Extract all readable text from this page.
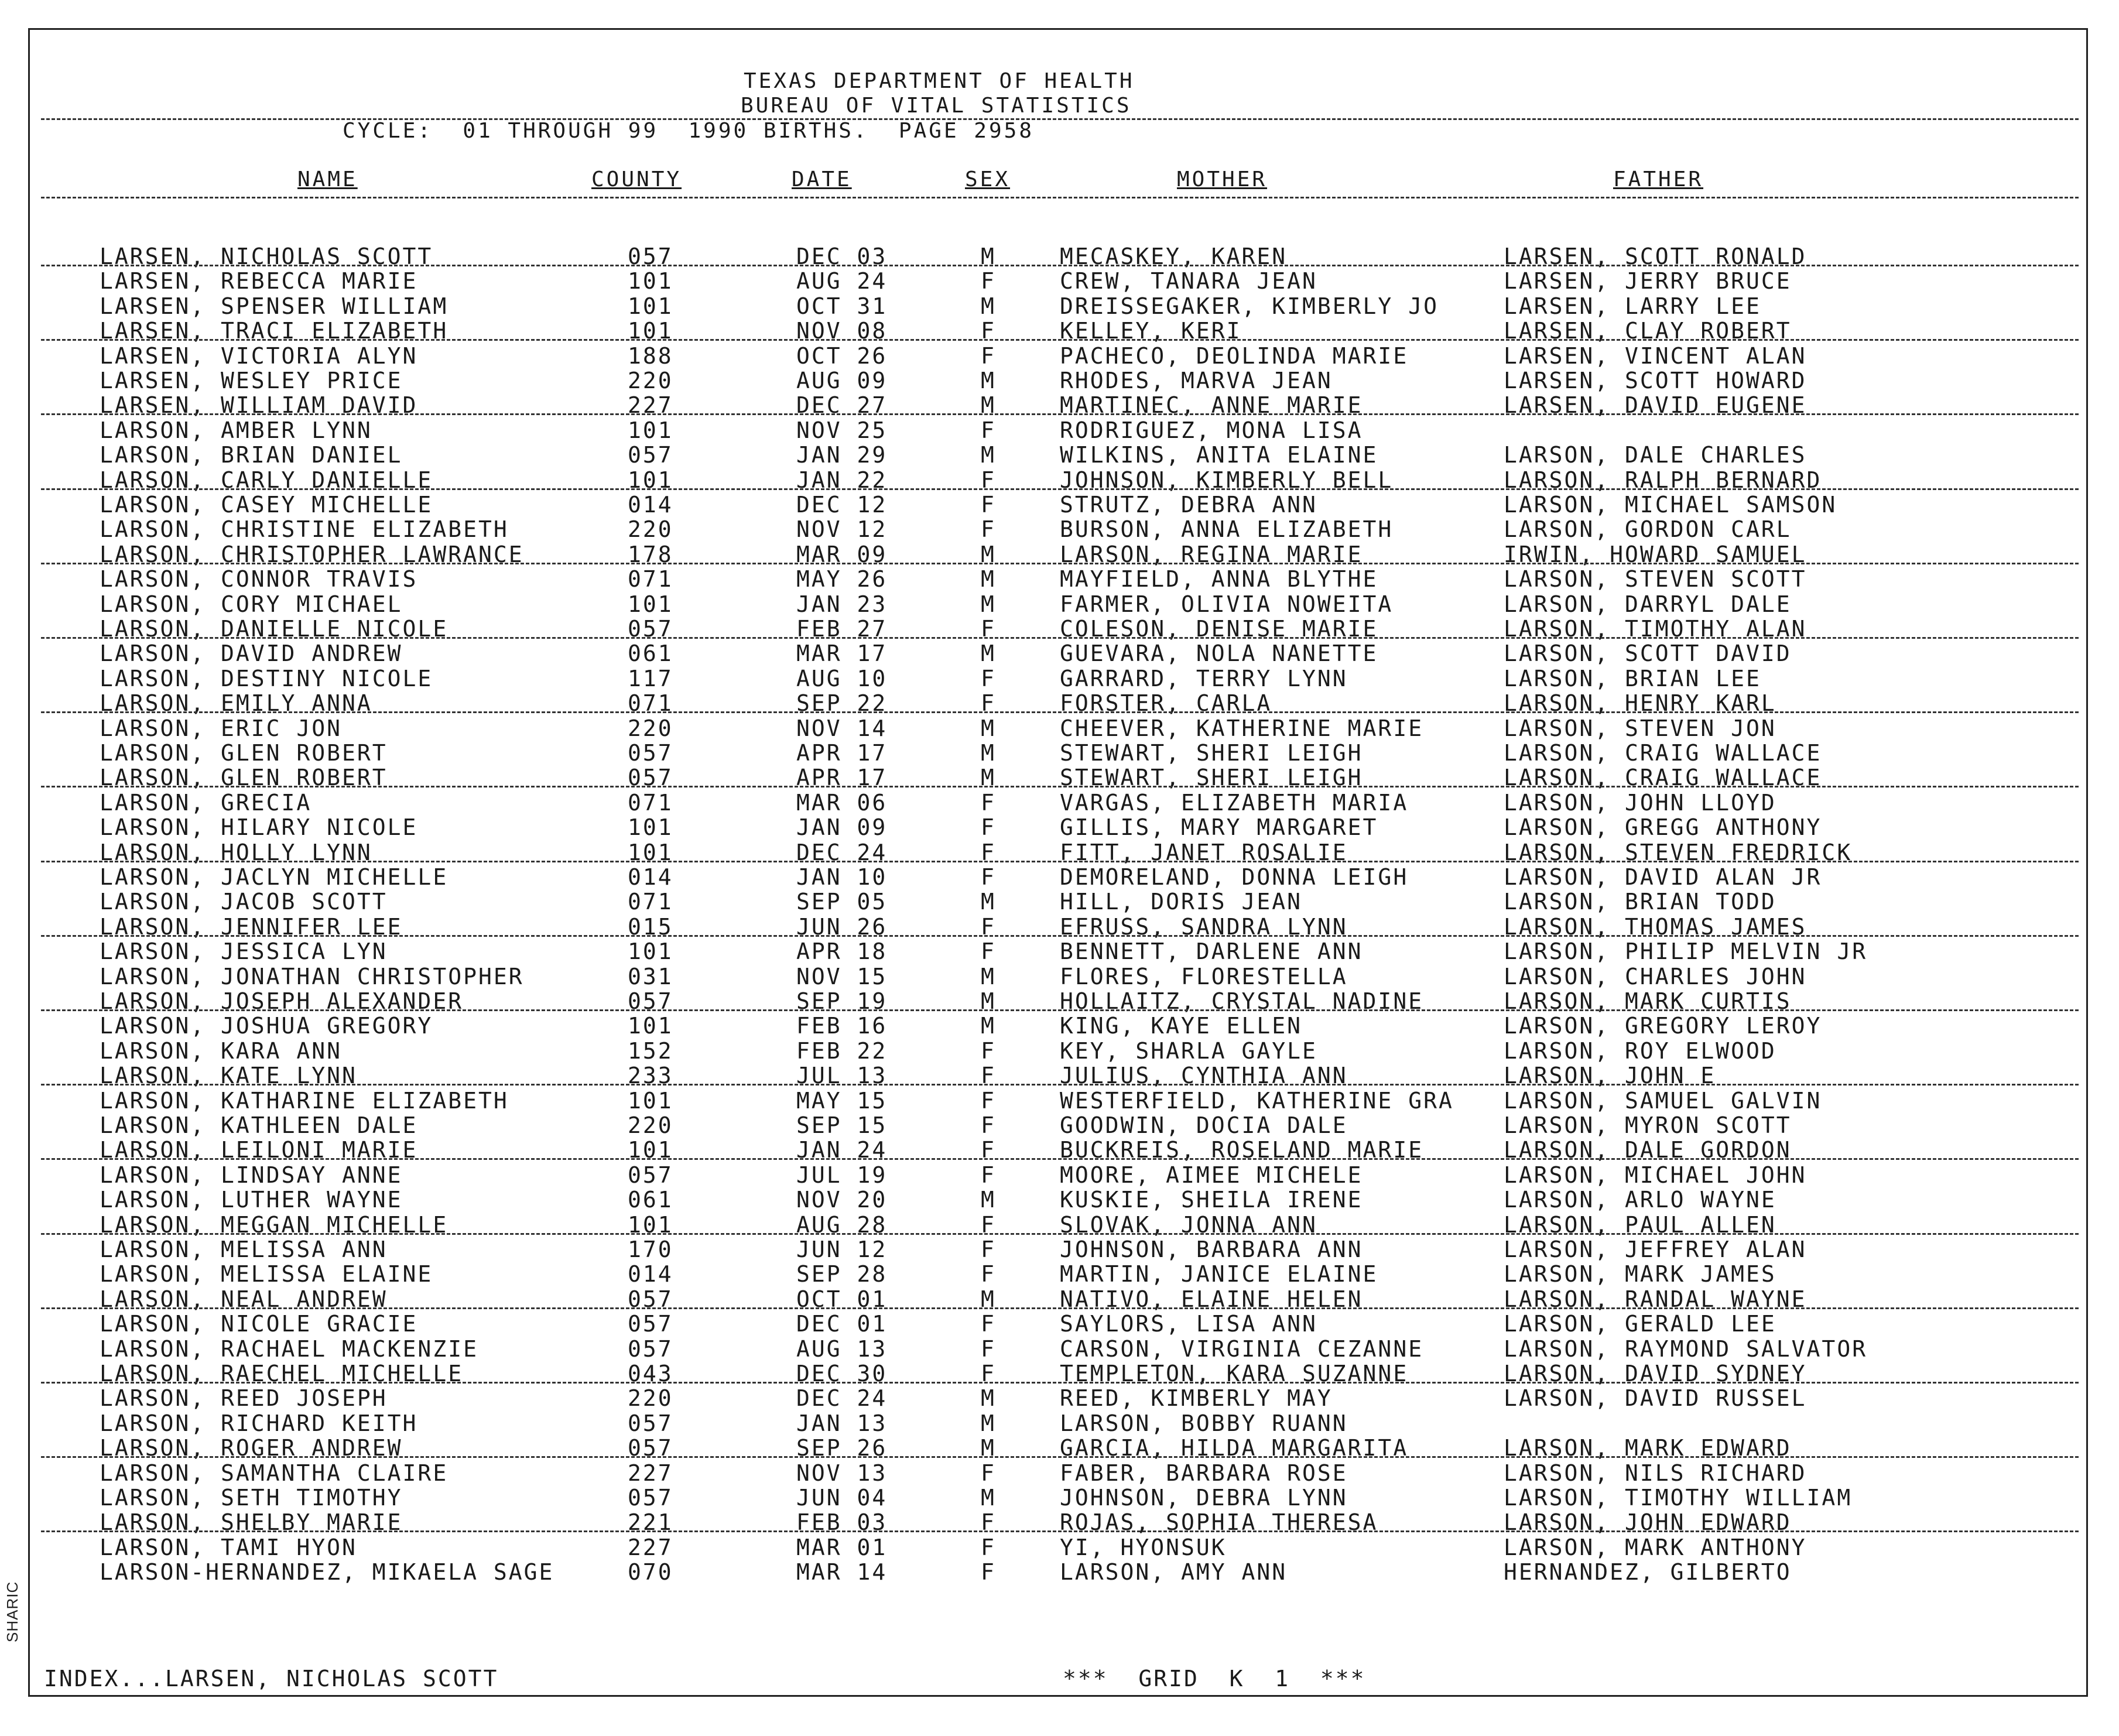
SHARIC
TEXAS DEPARTMENT OF HEALTH
BUREAU OF VITAL STATISTICS
CYCLE:  01 THROUGH 99  1990 BIRTHS.  PAGE 2958
NAME	COUNTY	DATE	SEX	MOTHER	FATHER
LARSEN, NICHOLAS SCOTT	057	DEC 03	M	MECASKEY, KAREN	LARSEN, SCOTT RONALD
LARSEN, REBECCA MARIE	101	AUG 24	F	CREW, TANARA JEAN	LARSEN, JERRY BRUCE
LARSEN, SPENSER WILLIAM	101	OCT 31	M	DREISSEGAKER, KIMBERLY JO	LARSEN, LARRY LEE
LARSEN, TRACI ELIZABETH	101	NOV 08	F	KELLEY, KERI	LARSEN, CLAY ROBERT
LARSEN, VICTORIA ALYN	188	OCT 26	F	PACHECO, DEOLINDA MARIE	LARSEN, VINCENT ALAN
LARSEN, WESLEY PRICE	220	AUG 09	M	RHODES, MARVA JEAN	LARSEN, SCOTT HOWARD
LARSEN, WILLIAM DAVID	227	DEC 27	M	MARTINEC, ANNE MARIE	LARSEN, DAVID EUGENE
LARSON, AMBER LYNN	101	NOV 25	F	RODRIGUEZ, MONA LISA
LARSON, BRIAN DANIEL	057	JAN 29	M	WILKINS, ANITA ELAINE	LARSON, DALE CHARLES
LARSON, CARLY DANIELLE	101	JAN 22	F	JOHNSON, KIMBERLY BELL	LARSON, RALPH BERNARD
LARSON, CASEY MICHELLE	014	DEC 12	F	STRUTZ, DEBRA ANN	LARSON, MICHAEL SAMSON
LARSON, CHRISTINE ELIZABETH	220	NOV 12	F	BURSON, ANNA ELIZABETH	LARSON, GORDON CARL
LARSON, CHRISTOPHER LAWRANCE	178	MAR 09	M	LARSON, REGINA MARIE	IRWIN, HOWARD SAMUEL
LARSON, CONNOR TRAVIS	071	MAY 26	M	MAYFIELD, ANNA BLYTHE	LARSON, STEVEN SCOTT
LARSON, CORY MICHAEL	101	JAN 23	M	FARMER, OLIVIA NOWEITA	LARSON, DARRYL DALE
LARSON, DANIELLE NICOLE	057	FEB 27	F	COLESON, DENISE MARIE	LARSON, TIMOTHY ALAN
LARSON, DAVID ANDREW	061	MAR 17	M	GUEVARA, NOLA NANETTE	LARSON, SCOTT DAVID
LARSON, DESTINY NICOLE	117	AUG 10	F	GARRARD, TERRY LYNN	LARSON, BRIAN LEE
LARSON, EMILY ANNA	071	SEP 22	F	FORSTER, CARLA	LARSON, HENRY KARL
LARSON, ERIC JON	220	NOV 14	M	CHEEVER, KATHERINE MARIE	LARSON, STEVEN JON
LARSON, GLEN ROBERT	057	APR 17	M	STEWART, SHERI LEIGH	LARSON, CRAIG WALLACE
LARSON, GLEN ROBERT	057	APR 17	M	STEWART, SHERI LEIGH	LARSON, CRAIG WALLACE
LARSON, GRECIA	071	MAR 06	F	VARGAS, ELIZABETH MARIA	LARSON, JOHN LLOYD
LARSON, HILARY NICOLE	101	JAN 09	F	GILLIS, MARY MARGARET	LARSON, GREGG ANTHONY
LARSON, HOLLY LYNN	101	DEC 24	F	FITT, JANET ROSALIE	LARSON, STEVEN FREDRICK
LARSON, JACLYN MICHELLE	014	JAN 10	F	DEMORELAND, DONNA LEIGH	LARSON, DAVID ALAN JR
LARSON, JACOB SCOTT	071	SEP 05	M	HILL, DORIS JEAN	LARSON, BRIAN TODD
LARSON, JENNIFER LEE	015	JUN 26	F	EFRUSS, SANDRA LYNN	LARSON, THOMAS JAMES
LARSON, JESSICA LYN	101	APR 18	F	BENNETT, DARLENE ANN	LARSON, PHILIP MELVIN JR
LARSON, JONATHAN CHRISTOPHER	031	NOV 15	M	FLORES, FLORESTELLA	LARSON, CHARLES JOHN
LARSON, JOSEPH ALEXANDER	057	SEP 19	M	HOLLAITZ, CRYSTAL NADINE	LARSON, MARK CURTIS
LARSON, JOSHUA GREGORY	101	FEB 16	M	KING, KAYE ELLEN	LARSON, GREGORY LEROY
LARSON, KARA ANN	152	FEB 22	F	KEY, SHARLA GAYLE	LARSON, ROY ELWOOD
LARSON, KATE LYNN	233	JUL 13	F	JULIUS, CYNTHIA ANN	LARSON, JOHN E
LARSON, KATHARINE ELIZABETH	101	MAY 15	F	WESTERFIELD, KATHERINE GRA LARSON, SAMUEL GALVIN
LARSON, KATHLEEN DALE	220	SEP 15	F	GOODWIN, DOCIA DALE	LARSON, MYRON SCOTT
LARSON, LEILONI MARIE	101	JAN 24	F	BUCKREIS, ROSELAND MARIE	LARSON, DALE GORDON
LARSON, LINDSAY ANNE	057	JUL 19	F	MOORE, AIMEE MICHELE	LARSON, MICHAEL JOHN
LARSON, LUTHER WAYNE	061	NOV 20	M	KUSKIE, SHEILA IRENE	LARSON, ARLO WAYNE
LARSON, MEGGAN MICHELLE	101	AUG 28	F	SLOVAK, JONNA ANN	LARSON, PAUL ALLEN
LARSON, MELISSA ANN	170	JUN 12	F	JOHNSON, BARBARA ANN	LARSON, JEFFREY ALAN
LARSON, MELISSA ELAINE	014	SEP 28	F	MARTIN, JANICE ELAINE	LARSON, MARK JAMES
LARSON, NEAL ANDREW	057	OCT 01	M	NATIVO, ELAINE HELEN	LARSON, RANDAL WAYNE
LARSON, NICOLE GRACIE	057	DEC 01	F	SAYLORS, LISA ANN	LARSON, GERALD LEE
LARSON, RACHAEL MACKENZIE	057	AUG 13	F	CARSON, VIRGINIA CEZANNE	LARSON, RAYMOND SALVATOR
LARSON, RAECHEL MICHELLE	043	DEC 30	F	TEMPLETON, KARA SUZANNE	LARSON, DAVID SYDNEY
LARSON, REED JOSEPH	220	DEC 24	M	REED, KIMBERLY MAY	LARSON, DAVID RUSSEL
LARSON, RICHARD KEITH	057	JAN 13	M	LARSON, BOBBY RUANN
LARSON, ROGER ANDREW	057	SEP 26	M	GARCIA, HILDA MARGARITA	LARSON, MARK EDWARD
LARSON, SAMANTHA CLAIRE	227	NOV 13	F	FABER, BARBARA ROSE	LARSON, NILS RICHARD
LARSON, SETH TIMOTHY	057	JUN 04	M	JOHNSON, DEBRA LYNN	LARSON, TIMOTHY WILLIAM
LARSON, SHELBY MARIE	221	FEB 03	F	ROJAS, SOPHIA THERESA	LARSON, JOHN EDWARD
LARSON, TAMI HYON	227	MAR 01	F	YI, HYONSUK	LARSON, MARK ANTHONY
LARSON-HERNANDEZ, MIKAELA SAGE	070	MAR 14	F	LARSON, AMY ANN	HERNANDEZ, GILBERTO
INDEX...LARSEN, NICHOLAS SCOTT	***  GRID  K  1  ***
